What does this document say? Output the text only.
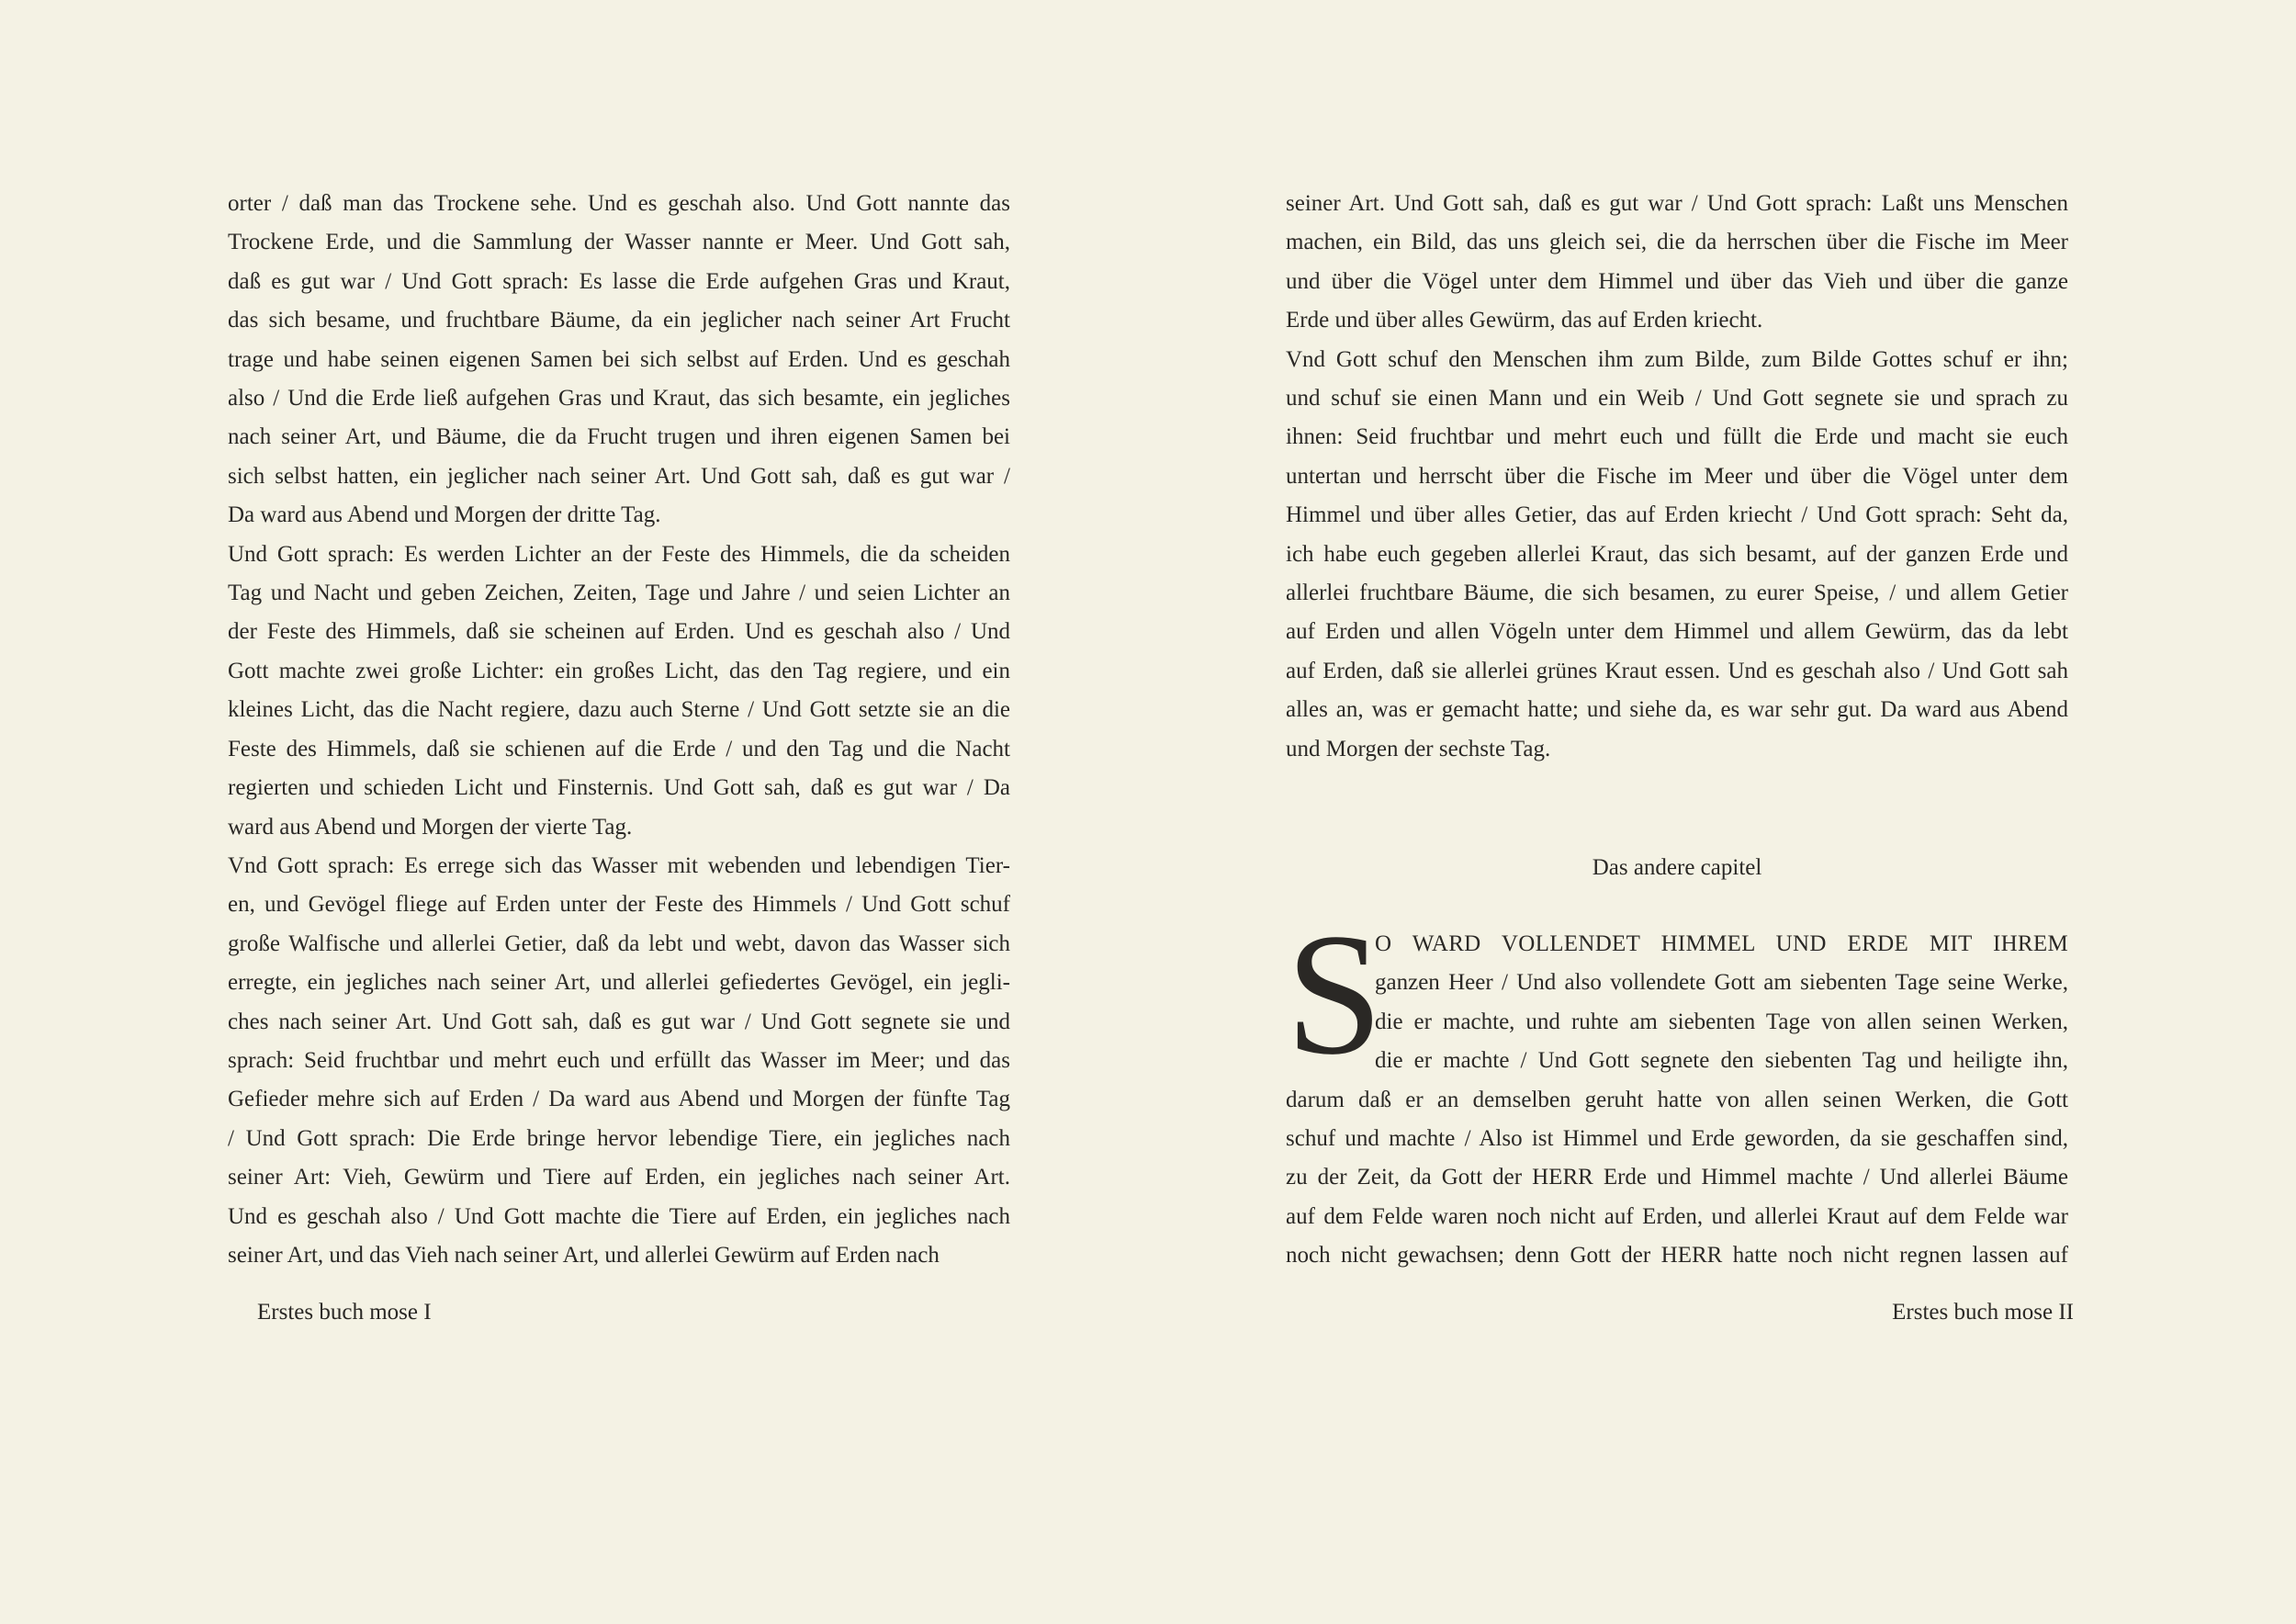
orter / daß man das Trockene sehe. Und es geschah also. Und Gott nannte das
Trockene Erde, und die Sammlung der Wasser nannte er Meer. Und Gott sah,
daß es gut war / Und Gott sprach: Es lasse die Erde aufgehen Gras und Kraut,
das sich besame, und fruchtbare Bäume, da ein jeglicher nach seiner Art Frucht
trage und habe seinen eigenen Samen bei sich selbst auf Erden. Und es geschah
also / Und die Erde ließ aufgehen Gras und Kraut, das sich besamte, ein jegliches
nach seiner Art, und Bäume, die da Frucht trugen und ihren eigenen Samen bei
sich selbst hatten, ein jeglicher nach seiner Art. Und Gott sah, daß es gut war /
Da ward aus Abend und Morgen der dritte Tag.
Und Gott sprach: Es werden Lichter an der Feste des Himmels, die da scheiden
Tag und Nacht und geben Zeichen, Zeiten, Tage und Jahre / und seien Lichter an
der Feste des Himmels, daß sie scheinen auf Erden. Und es geschah also / Und
Gott machte zwei große Lichter: ein großes Licht, das den Tag regiere, und ein
kleines Licht, das die Nacht regiere, dazu auch Sterne / Und Gott setzte sie an die
Feste des Himmels, daß sie schienen auf die Erde / und den Tag und die Nacht
regierten und schieden Licht und Finsternis. Und Gott sah, daß es gut war / Da
ward aus Abend und Morgen der vierte Tag.
Vnd Gott sprach: Es errege sich das Wasser mit webenden und lebendigen Tier-
en, und Gevögel fliege auf Erden unter der Feste des Himmels / Und Gott schuf
große Walfische und allerlei Getier, daß da lebt und webt, davon das Wasser sich
erregte, ein jegliches nach seiner Art, und allerlei gefiedertes Gevögel, ein jegli-
ches nach seiner Art. Und Gott sah, daß es gut war / Und Gott segnete sie und
sprach: Seid fruchtbar und mehrt euch und erfüllt das Wasser im Meer; und das
Gefieder mehre sich auf Erden / Da ward aus Abend und Morgen der fünfte Tag
/ Und Gott sprach: Die Erde bringe hervor lebendige Tiere, ein jegliches nach
seiner Art: Vieh, Gewürm und Tiere auf Erden, ein jegliches nach seiner Art.
Und es geschah also / Und Gott machte die Tiere auf Erden, ein jegliches nach
seiner Art, und das Vieh nach seiner Art, und allerlei Gewürm auf Erden nach
Erstes buch mose I
seiner Art. Und Gott sah, daß es gut war / Und Gott sprach: Laßt uns Menschen
machen, ein Bild, das uns gleich sei, die da herrschen über die Fische im Meer
und über die Vögel unter dem Himmel und über das Vieh und über die ganze
Erde und über alles Gewürm, das auf Erden kriecht.
Vnd Gott schuf den Menschen ihm zum Bilde, zum Bilde Gottes schuf er ihn;
und schuf sie einen Mann und ein Weib / Und Gott segnete sie und sprach zu
ihnen: Seid fruchtbar und mehrt euch und füllt die Erde und macht sie euch
untertan und herrscht über die Fische im Meer und über die Vögel unter dem
Himmel und über alles Getier, das auf Erden kriecht / Und Gott sprach: Seht da,
ich habe euch gegeben allerlei Kraut, das sich besamt, auf der ganzen Erde und
allerlei fruchtbare Bäume, die sich besamen, zu eurer Speise, / und allem Getier
auf Erden und allen Vögeln unter dem Himmel und allem Gewürm, das da lebt
auf Erden, daß sie allerlei grünes Kraut essen. Und es geschah also / Und Gott sah
alles an, was er gemacht hatte; und siehe da, es war sehr gut. Da ward aus Abend
und Morgen der sechste Tag.
Das andere capitel
S
O WARD VOLLENDET HIMMEL UND ERDE MIT IHREM
ganzen Heer / Und also vollendete Gott am siebenten Tage seine Werke,
die er machte, und ruhte am siebenten Tage von allen seinen Werken,
die er machte / Und Gott segnete den siebenten Tag und heiligte ihn,
darum daß er an demselben geruht hatte von allen seinen Werken, die Gott
schuf und machte / Also ist Himmel und Erde geworden, da sie geschaffen sind,
zu der Zeit, da Gott der HERR Erde und Himmel machte / Und allerlei Bäume
auf dem Felde waren noch nicht auf Erden, und allerlei Kraut auf dem Felde war
noch nicht gewachsen; denn Gott der HERR hatte noch nicht regnen lassen auf
Erstes buch mose II
